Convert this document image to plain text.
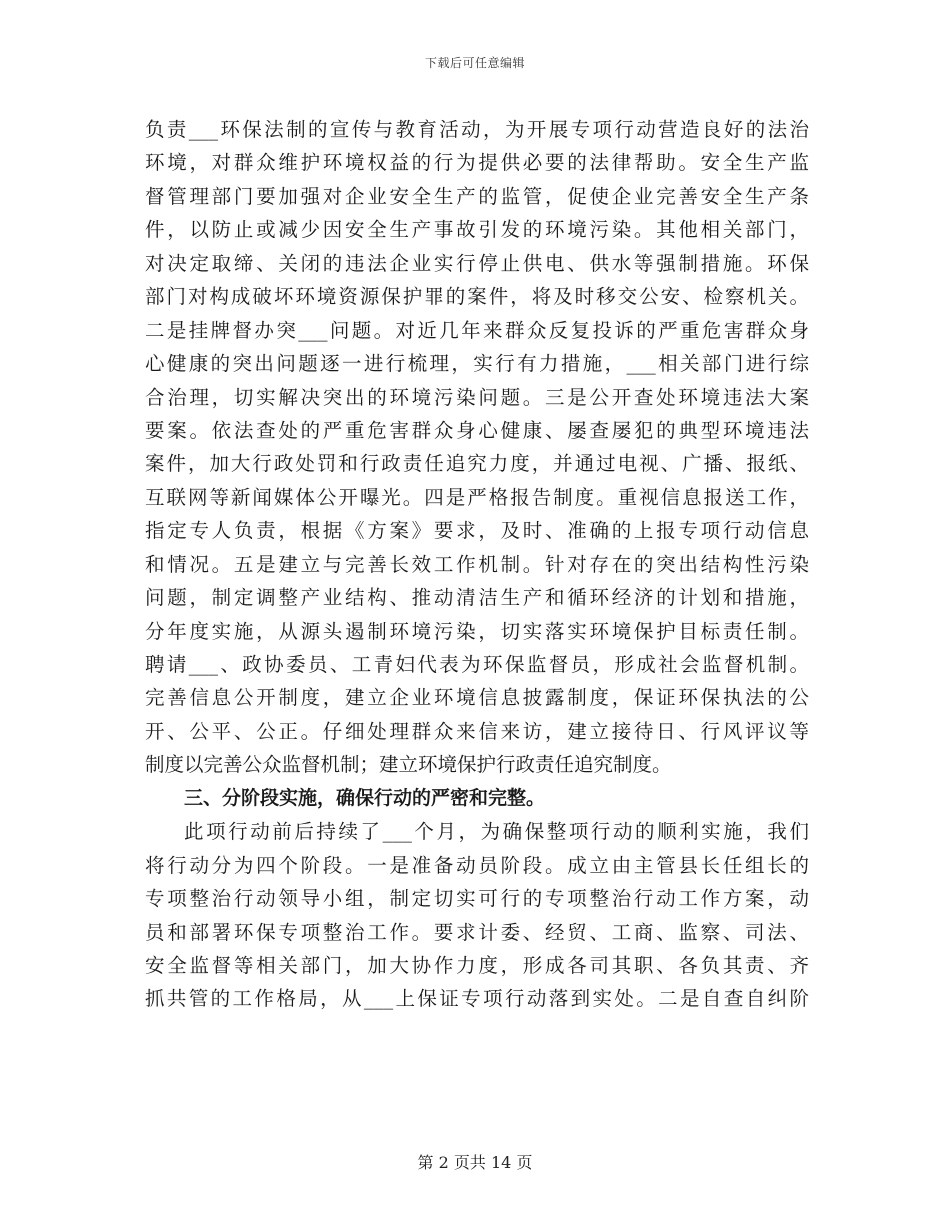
下载后可任意编辑
负责___环保法制的宣传与教育活动，为开展专项行动营造良好的法治
环境，对群众维护环境权益的行为提供必要的法律帮助。安全生产监
督管理部门要加强对企业安全生产的监管，促使企业完善安全生产条
件，以防止或减少因安全生产事故引发的环境污染。其他相关部门，
对决定取缔、关闭的违法企业实行停止供电、供水等强制措施。环保
部门对构成破坏环境资源保护罪的案件，将及时移交公安、检察机关。
二是挂牌督办突___问题。对近几年来群众反复投诉的严重危害群众身
心健康的突出问题逐一进行梳理，实行有力措施，___相关部门进行综
合治理，切实解决突出的环境污染问题。三是公开查处环境违法大案
要案。依法查处的严重危害群众身心健康、屡查屡犯的典型环境违法
案件，加大行政处罚和行政责任追究力度，并通过电视、广播、报纸、
互联网等新闻媒体公开曝光。四是严格报告制度。重视信息报送工作，
指定专人负责，根据《方案》要求，及时、准确的上报专项行动信息
和情况。五是建立与完善长效工作机制。针对存在的突出结构性污染
问题，制定调整产业结构、推动清洁生产和循环经济的计划和措施，
分年度实施，从源头遏制环境污染，切实落实环境保护目标责任制。
聘请___、政协委员、工青妇代表为环保监督员，形成社会监督机制。
完善信息公开制度，建立企业环境信息披露制度，保证环保执法的公
开、公平、公正。仔细处理群众来信来访，建立接待日、行风评议等
制度以完善公众监督机制；建立环境保护行政责任追究制度。
三、分阶段实施，确保行动的严密和完整。
此项行动前后持续了___个月，为确保整项行动的顺利实施，我们
将行动分为四个阶段。一是准备动员阶段。成立由主管县长任组长的
专项整治行动领导小组，制定切实可行的专项整治行动工作方案，动
员和部署环保专项整治工作。要求计委、经贸、工商、监察、司法、
安全监督等相关部门，加大协作力度，形成各司其职、各负其责、齐
抓共管的工作格局，从___上保证专项行动落到实处。二是自查自纠阶
第 2 页共 14 页
